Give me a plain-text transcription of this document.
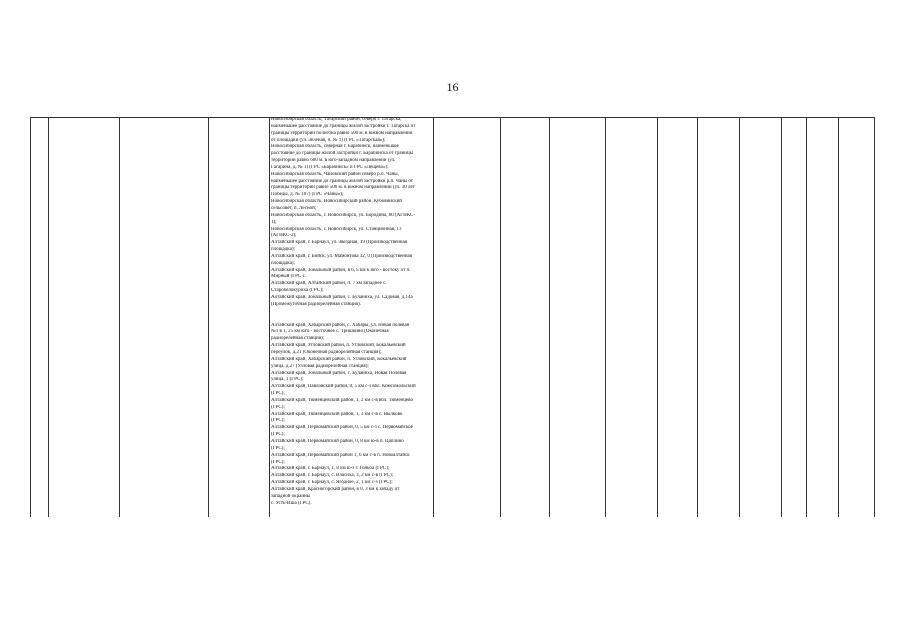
16
Новосибирская область, Татарский район, северо г. Татарска,
наименьшее расстояние до границы жилой застройки г. Татарска от
границы территории полигона равно 500 м. в южном направлении
от площадки (ул. Зелёная, п. № 1) (ГРС «Татарская»);
Новосибирская область, северная г. Барабинск, наименьшее
расстояние до границы жилой застройки г. Барабинска от границы
территории равно 600 м. в юго-западном направлении (ул.
Гагарина, д. № 1) (ГРС «Барабинск» и ГРС «Лещево»);
Новосибирская область, Чановский район северо р.п. Чаны,
наименьшее расстояние до границы жилой застройки р.п. Чаны от
границы территории равно 500 м. в южном направлении (ул. 30 лет
Победы, д. № 107) (ГРС «Чаны»);
Новосибирская область, Новосибирский район, Кубовинский
сельсовет, п. Лесной;
Новосибирская область, г. Новосибирск, ул. Бородина, 60 (АГНКС-
1);
Новосибирская область, г. Новосибирск, ул. Станционная, 13
(АГНКС-2);
Алтайский край, г. Барнаул, ул. Звездная, 19 (Производственная
площадка);
Алтайский край, г. Бийск, ул. Мамонтова 32, 0 (Производственная
площадка);
Алтайский край, Зональный район, в 6, 5 км к юго - востоку от п.
Мирный (ГРС с.
Алтайский край, Алтайский район, п. 7 км западнее с.
Старобелокуриха (ГРС);
Алтайский край, Зональный район, с. Буланиха, ул. Садовая, д.14а
(Промежуточная радиорелейная станция).
Алтайский край, Хабарский район, с. Хабары, ул. Новая полевая
№1 в 1, 25 км юго - восточнее с. Тришкино (Оконечная
радиорелейная станция);
Алтайский край, Угловский район, п. Угловский, Бокальевский
переулок, д.21 (Оконечная радиорелейная станция);
Алтайский край, Хабарский район, п. Угловский, Бокальевский
улица, д.27 (Узловая радиорелейная станция);
Алтайский край, Зональный район, с. Буланиха, Новая Полевая
улица, 1 (ГРС);
Алтайский край, Павловский район, 0, 5 км с-з вбл. Комсомольский
(ГРС);
Алтайский край, Тюменцевский район, 1, 2 км с-в вбл. Тюменцево
(ГРС);
Алтайский край, Тюменцевский район, 1, 3 км с-в с. Вылково
(ГРС);
Алтайский край, Первомайский район, 0, 5 км с-з с. Первомайское
(ГРС);
Алтайский край, Первомайский район, 0, 8 км ю-в п. Цаплино
(ГРС);
Алтайский край, Первомайский район 1, 6 км с-в п. Новоалтайск
(ГРС);
Алтайский край, г. Барнаул, 1, 8 км ю-з г. Гоньба (ГРС);
Алтайский край, г. Барнаул, с. Власиха, 3, 2 км с-в (ГРС);
Алтайский край, г. Барнаул, с. Ягодное, 2, 1 км с-з (ГРС);
Алтайский край, Красногорский район, в 0, 3 км к западу от
западной окраины
с. Усть-Иша (ГРС).
